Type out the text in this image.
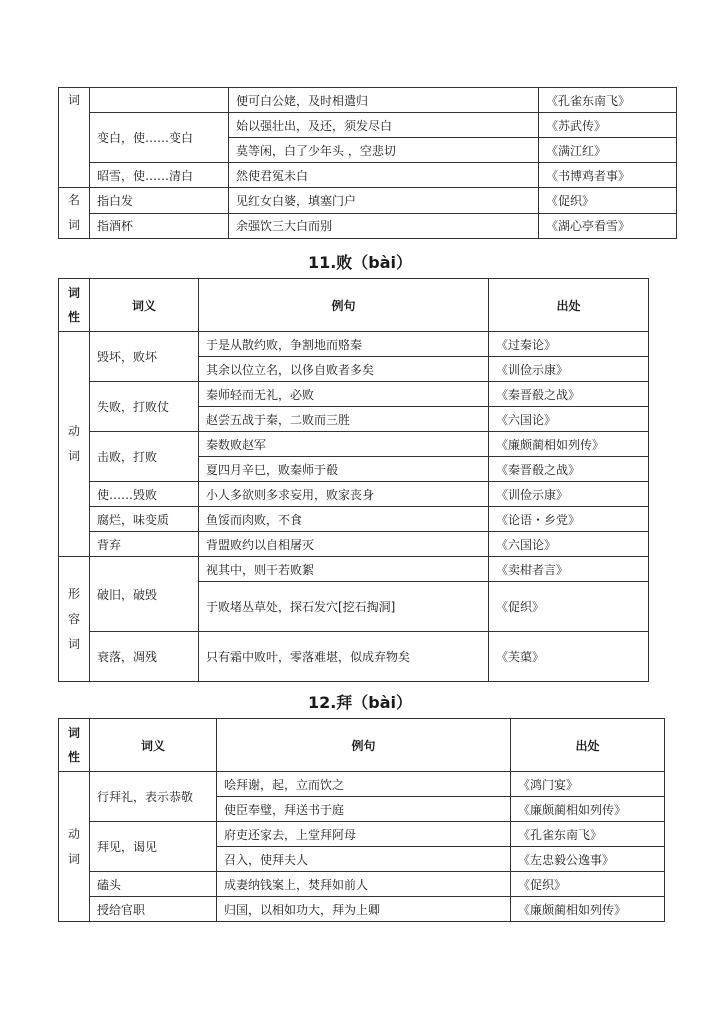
词		便可白公姥，及时相遣归	《孔雀东南飞》
	变白，使……变白	始以强壮出，及还，须发尽白	《苏武传》
		莫等闲，白了少年头 ，空悲切	《满江红》
	昭雪，使……清白	然使君冤未白	《书博鸡者事》

名
词	指白发	见红女白婆，填塞门户	《促织》
	指酒杯	余强饮三大白而别	《湖心亭看雪》
11.败（bài）
词性	词义	例句	出处

动
词	毁坏，败坏	于是从散约败，争割地而赂秦	《过秦论》
		其余以位立名，以侈自败者多矣	《训俭示康》
	失败，打败仗	秦师轻而无礼，必败	《秦晋殽之战》
		赵尝五战于秦，二败而三胜	《六国论》
	击败，打败	秦数败赵军	《廉颇蔺相如列传》
		夏四月辛巳，败秦师于殽	《秦晋殽之战》
	使……毁败	小人多欲则多求妄用，败家丧身	《训俭示康》
	腐烂，味变质	鱼馁而肉败，不食	《论语・乡党》
	背弃	背盟败约以自相屠灭	《六国论》

形
容
词	破旧，破毁	视其中，则干若败絮	《卖柑者言》
		于败堵丛草处，探石发穴[挖石掏洞]	《促织》
	衰落，凋残	只有霜中败叶，零落难堪，似成弃物矣	《芙蕖》
12.拜（bài）
词性	词义	例句	出处

动
词	行拜礼，表示恭敬	哙拜谢，起，立而饮之	《鸿门宴》
		使臣奉璧，拜送书于庭	《廉颇蔺相如列传》
	拜见，谒见	府吏还家去，上堂拜阿母	《孔雀东南飞》
		召入，使拜夫人	《左忠毅公逸事》
	磕头	成妻纳钱案上，焚拜如前人	《促织》
	授给官职	归国，以相如功大，拜为上卿	《廉颇蔺相如列传》
